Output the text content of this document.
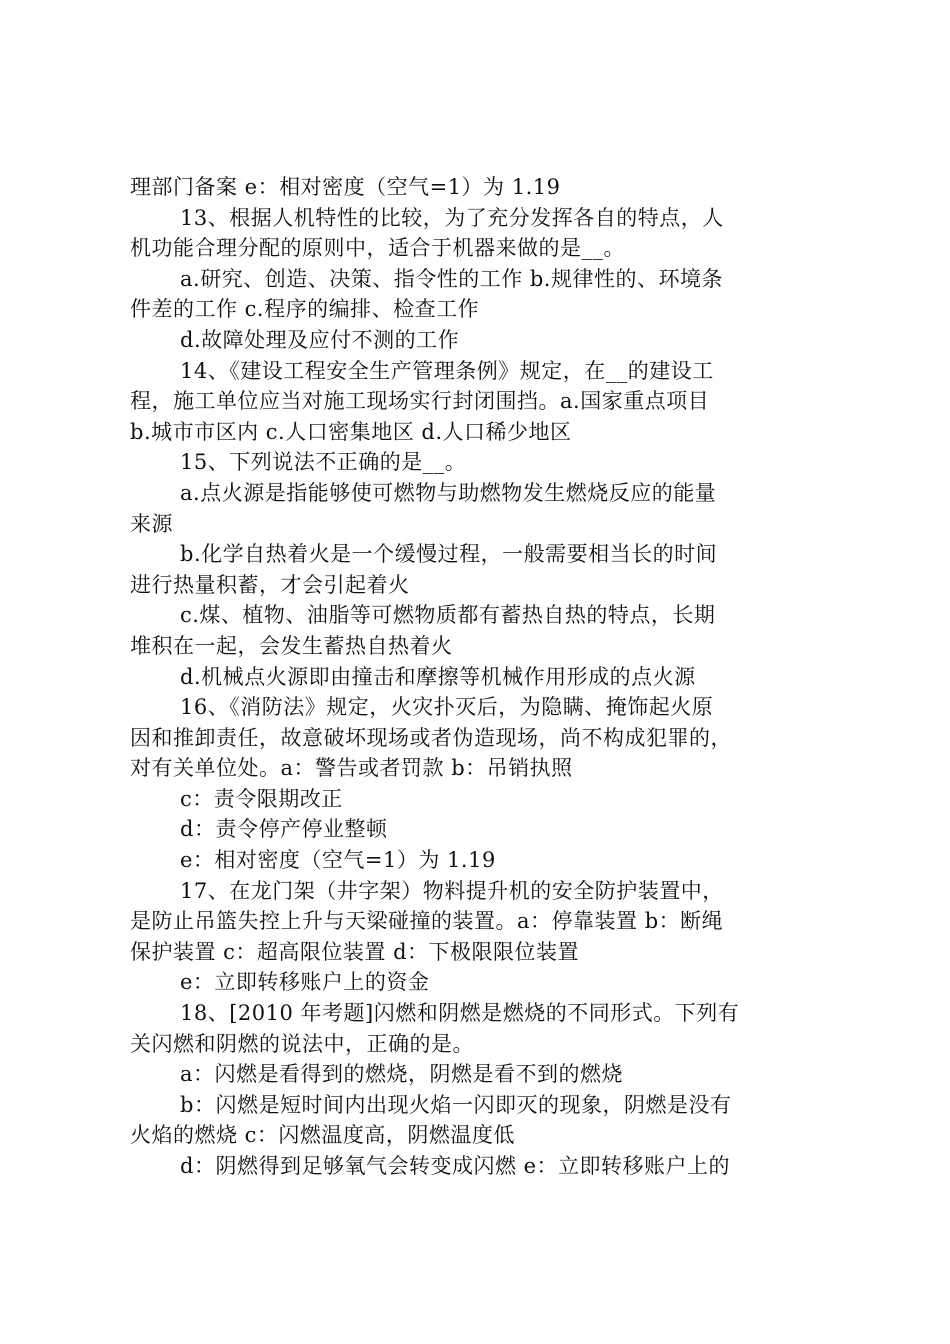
理部门备案 e：相对密度（空气=1）为 1.19
13、根据人机特性的比较，为了充分发挥各自的特点，人
机功能合理分配的原则中，适合于机器来做的是__。
a.研究、创造、决策、指令性的工作 b.规律性的、环境条
件差的工作 c.程序的编排、检查工作
d.故障处理及应付不测的工作
14、《建设工程安全生产管理条例》规定，在__的建设工
程，施工单位应当对施工现场实行封闭围挡。a.国家重点项目
b.城市市区内 c.人口密集地区 d.人口稀少地区
15、下列说法不正确的是__。
a.点火源是指能够使可燃物与助燃物发生燃烧反应的能量
来源
b.化学自热着火是一个缓慢过程，一般需要相当长的时间
进行热量积蓄，才会引起着火
c.煤、植物、油脂等可燃物质都有蓄热自热的特点，长期
堆积在一起，会发生蓄热自热着火
d.机械点火源即由撞击和摩擦等机械作用形成的点火源
16、《消防法》规定，火灾扑灭后，为隐瞒、掩饰起火原
因和推卸责任，故意破坏现场或者伪造现场，尚不构成犯罪的，
对有关单位处。a：警告或者罚款 b：吊销执照
c：责令限期改正
d：责令停产停业整顿
e：相对密度（空气=1）为 1.19
17、在龙门架（井字架）物料提升机的安全防护装置中，
是防止吊篮失控上升与天梁碰撞的装置。a：停靠装置 b：断绳
保护装置 c：超高限位装置 d：下极限限位装置
e：立即转移账户上的资金
18、[2010 年考题]闪燃和阴燃是燃烧的不同形式。下列有
关闪燃和阴燃的说法中，正确的是。
a：闪燃是看得到的燃烧，阴燃是看不到的燃烧
b：闪燃是短时间内出现火焰一闪即灭的现象，阴燃是没有
火焰的燃烧 c：闪燃温度高，阴燃温度低
d：阴燃得到足够氧气会转变成闪燃 e：立即转移账户上的
